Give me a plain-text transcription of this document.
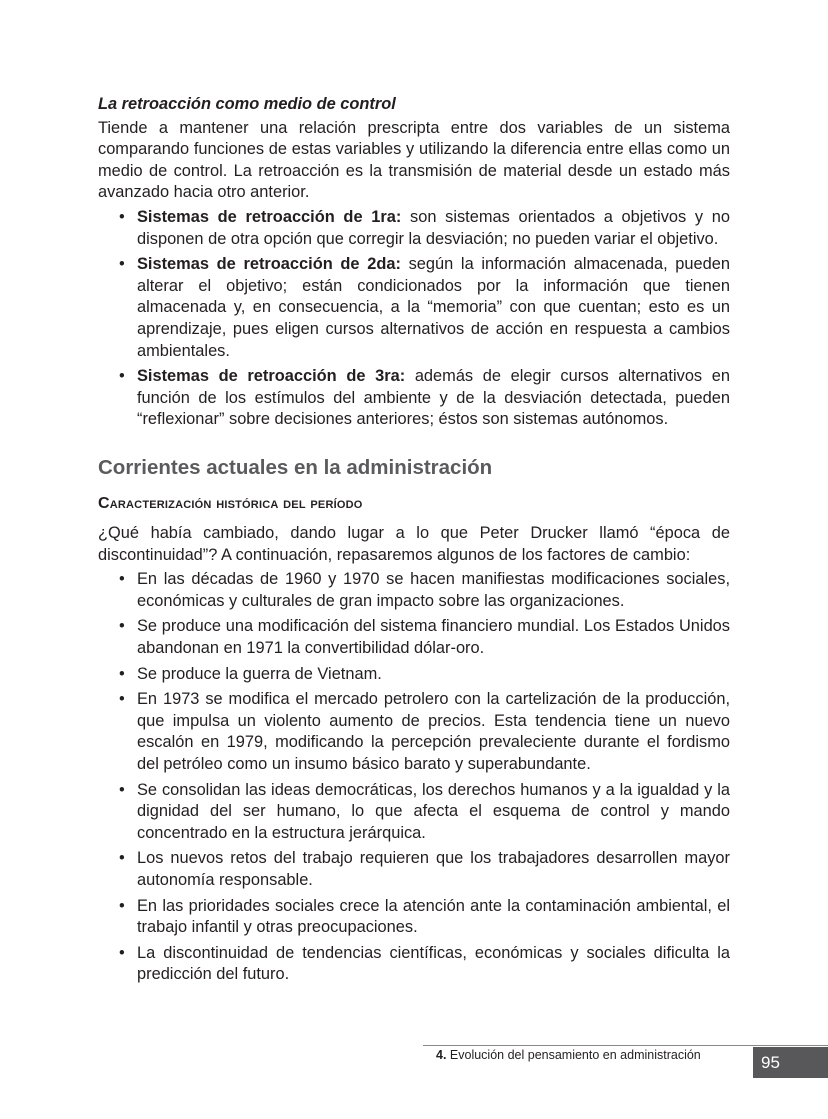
La retroacción como medio de control

Tiende a mantener una relación prescripta entre dos variables de un sistema comparando funciones de estas variables y utilizando la diferencia entre ellas como un medio de control. La retroacción es la transmisión de material desde un estado más avanzado hacia otro anterior.

• Sistemas de retroacción de 1ra: son sistemas orientados a objetivos y no disponen de otra opción que corregir la desviación; no pueden variar el objetivo.
• Sistemas de retroacción de 2da: según la información almacenada, pueden alterar el objetivo; están condicionados por la información que tienen almacenada y, en consecuencia, a la “memoria” con que cuentan; esto es un aprendizaje, pues eligen cursos alternativos de acción en respuesta a cambios ambientales.
• Sistemas de retroacción de 3ra: además de elegir cursos alternativos en función de los estímulos del ambiente y de la desviación detectada, pueden “reflexionar” sobre decisiones anteriores; éstos son sistemas autónomos.
Corrientes actuales en la administración
Caracterización histórica del período

¿Qué había cambiado, dando lugar a lo que Peter Drucker llamó “época de discontinuidad”? A continuación, repasaremos algunos de los factores de cambio:

• En las décadas de 1960 y 1970 se hacen manifiestas modificaciones sociales, económicas y culturales de gran impacto sobre las organizaciones.
• Se produce una modificación del sistema financiero mundial. Los Estados Unidos abandonan en 1971 la convertibilidad dólar-oro.
• Se produce la guerra de Vietnam.
• En 1973 se modifica el mercado petrolero con la cartelización de la producción, que impulsa un violento aumento de precios. Esta tendencia tiene un nuevo escalón en 1979, modificando la percepción prevaleciente durante el fordismo del petróleo como un insumo básico barato y superabundante.
• Se consolidan las ideas democráticas, los derechos humanos y a la igualdad y la dignidad del ser humano, lo que afecta el esquema de control y mando concentrado en la estructura jerárquica.
• Los nuevos retos del trabajo requieren que los trabajadores desarrollen mayor autonomía responsable.
• En las prioridades sociales crece la atención ante la contaminación ambiental, el trabajo infantil y otras preocupaciones.
• La discontinuidad de tendencias científicas, económicas y sociales dificulta la predicción del futuro.
4. Evolución del pensamiento en administración	95
